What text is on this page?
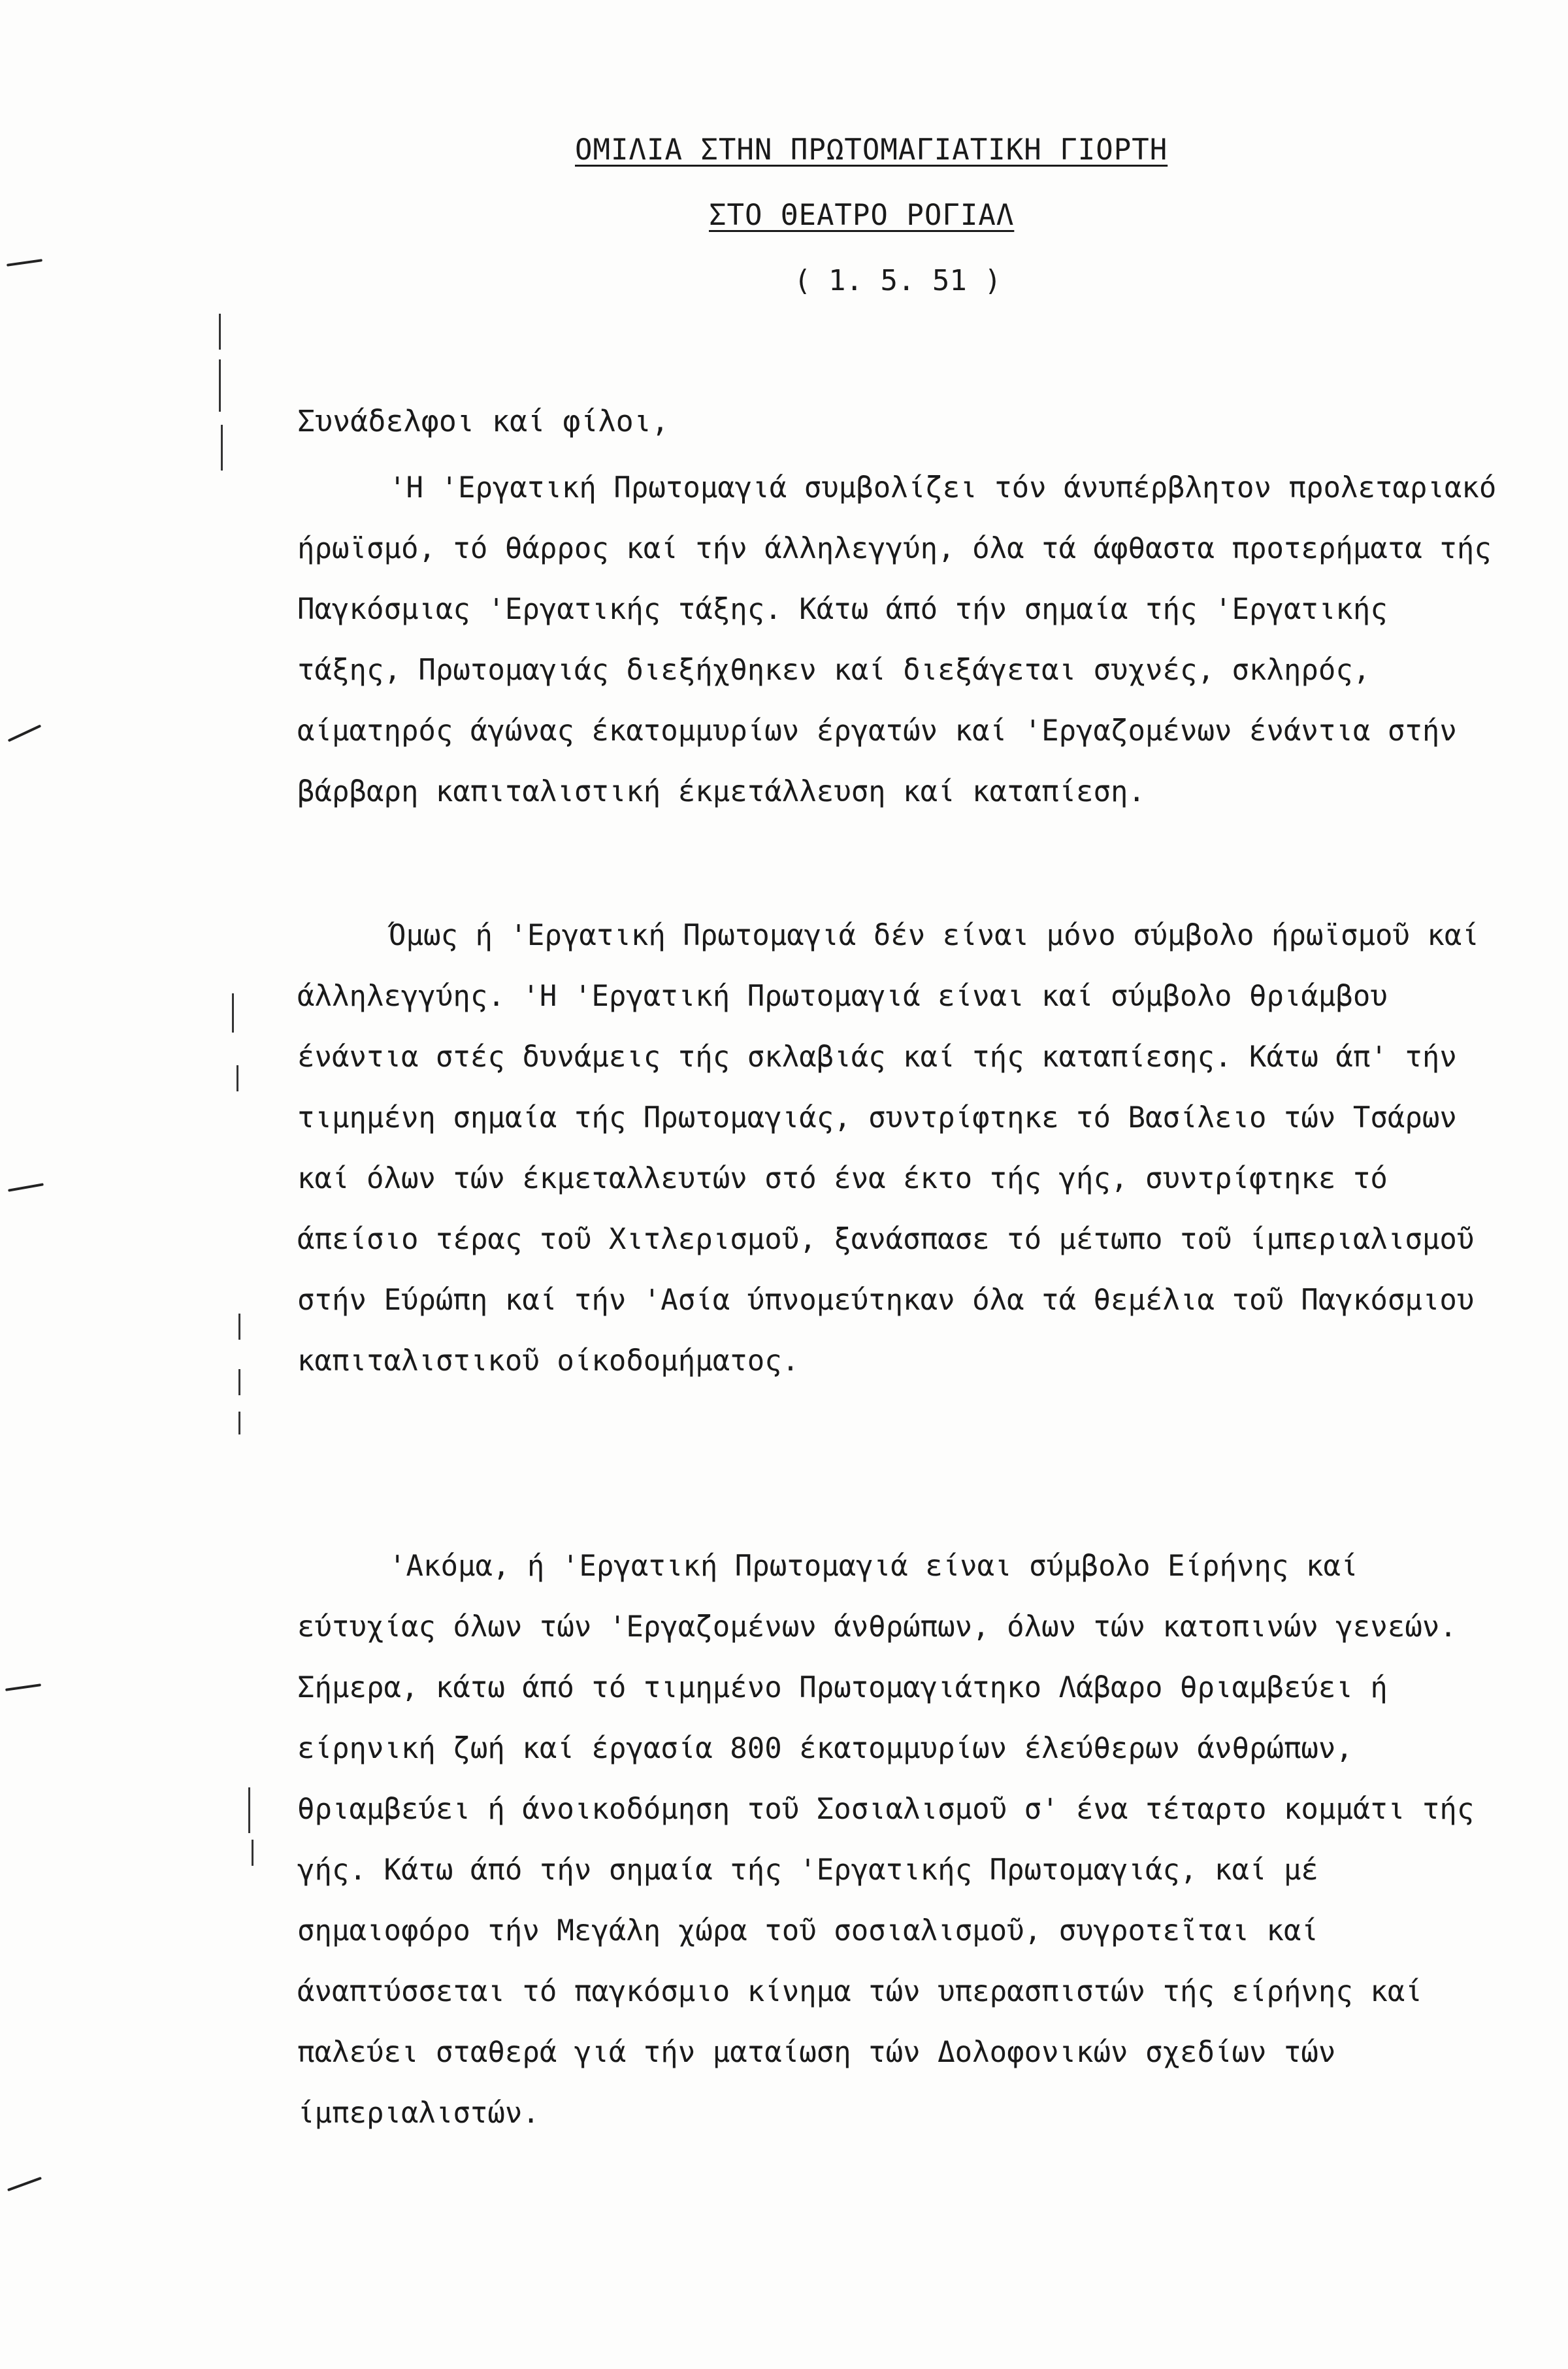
ΟΜΙΛΙΑ ΣΤΗΝ ΠΡΩΤΟΜΑΓΙΑΤΙΚΗ ΓΙΟΡΤΗ
ΣΤΟ ΘΕΑΤΡΟ ΡΟΓΙΑΛ
( 1. 5. 51 )
Συνάδελφοι καί φίλοι,
'Η 'Εργατική Πρωτομαγιά συμβολίζει τόν άνυπέρβλητον προλεταριακό ήρωϊσμό, τό θάρρος καί τήν άλληλεγγύη, όλα τά άφθαστα προτερήματα τής Παγκόσμιας 'Εργατικής τάξης. Κάτω άπό τήν σημαία τής 'Εργατικής τάξης, Πρωτομαγιάς διεξήχθηκεν καί διεξάγεται συχνές, σκληρός, αίματηρός άγώνας έκατομμυρίων έργατών καί 'Εργαζομένων ένάντια στήν βάρβαρη καπιταλιστική έκμετάλλευση καί καταπίεση.
Όμως ή 'Εργατική Πρωτομαγιά δέν είναι μόνο σύμβολο ήρωϊσμοῦ καί άλληλεγγύης. 'Η 'Εργατική Πρωτομαγιά είναι καί σύμβολο θριάμβου ένάντια στές δυνάμεις τής σκλαβιάς καί τής καταπίεσης. Κάτω άπ' τήν τιμημένη σημαία τής Πρωτομαγιάς, συντρίφτηκε τό Βασίλειο τών Τσάρων καί όλων τών έκμεταλλευτών στό ένα έκτο τής γής, συντρίφτηκε τό άπείσιο τέρας τοῦ Χιτλερισμοῦ, ξανάσπασε τό μέτωπο τοῦ ίμπεριαλισμοῦ στήν Εύρώπη καί τήν 'Ασία ύπνομεύτηκαν όλα τά θεμέλια τοῦ Παγκόσμιου καπιταλιστικοῦ οίκοδομήματος.
'Ακόμα, ή 'Εργατική Πρωτομαγιά είναι σύμβολο Είρήνης καί εύτυχίας όλων τών 'Εργαζομένων άνθρώπων, όλων τών κατοπινών γενεών. Σήμερα, κάτω άπό τό τιμημένο Πρωτομαγιάτηκο Λάβαρο θριαμβεύει ή είρηνική ζωή καί έργασία 800 έκατομμυρίων έλεύθερων άνθρώπων, θριαμβεύει ή άνοικοδόμηση τοῦ Σοσιαλισμοῦ σ' ένα τέταρτο κομμάτι τής γής. Κάτω άπό τήν σημαία τής 'Εργατικής Πρωτομαγιάς, καί μέ σημαιοφόρο τήν Μεγάλη χώρα τοῦ σοσιαλισμοῦ, συγροτεῖται καί άναπτύσσεται τό παγκόσμιο κίνημα τών υπερασπιστών τής είρήνης καί παλεύει σταθερά γιά τήν ματαίωση τών Δολοφονικών σχεδίων τών ίμπεριαλιστών.
